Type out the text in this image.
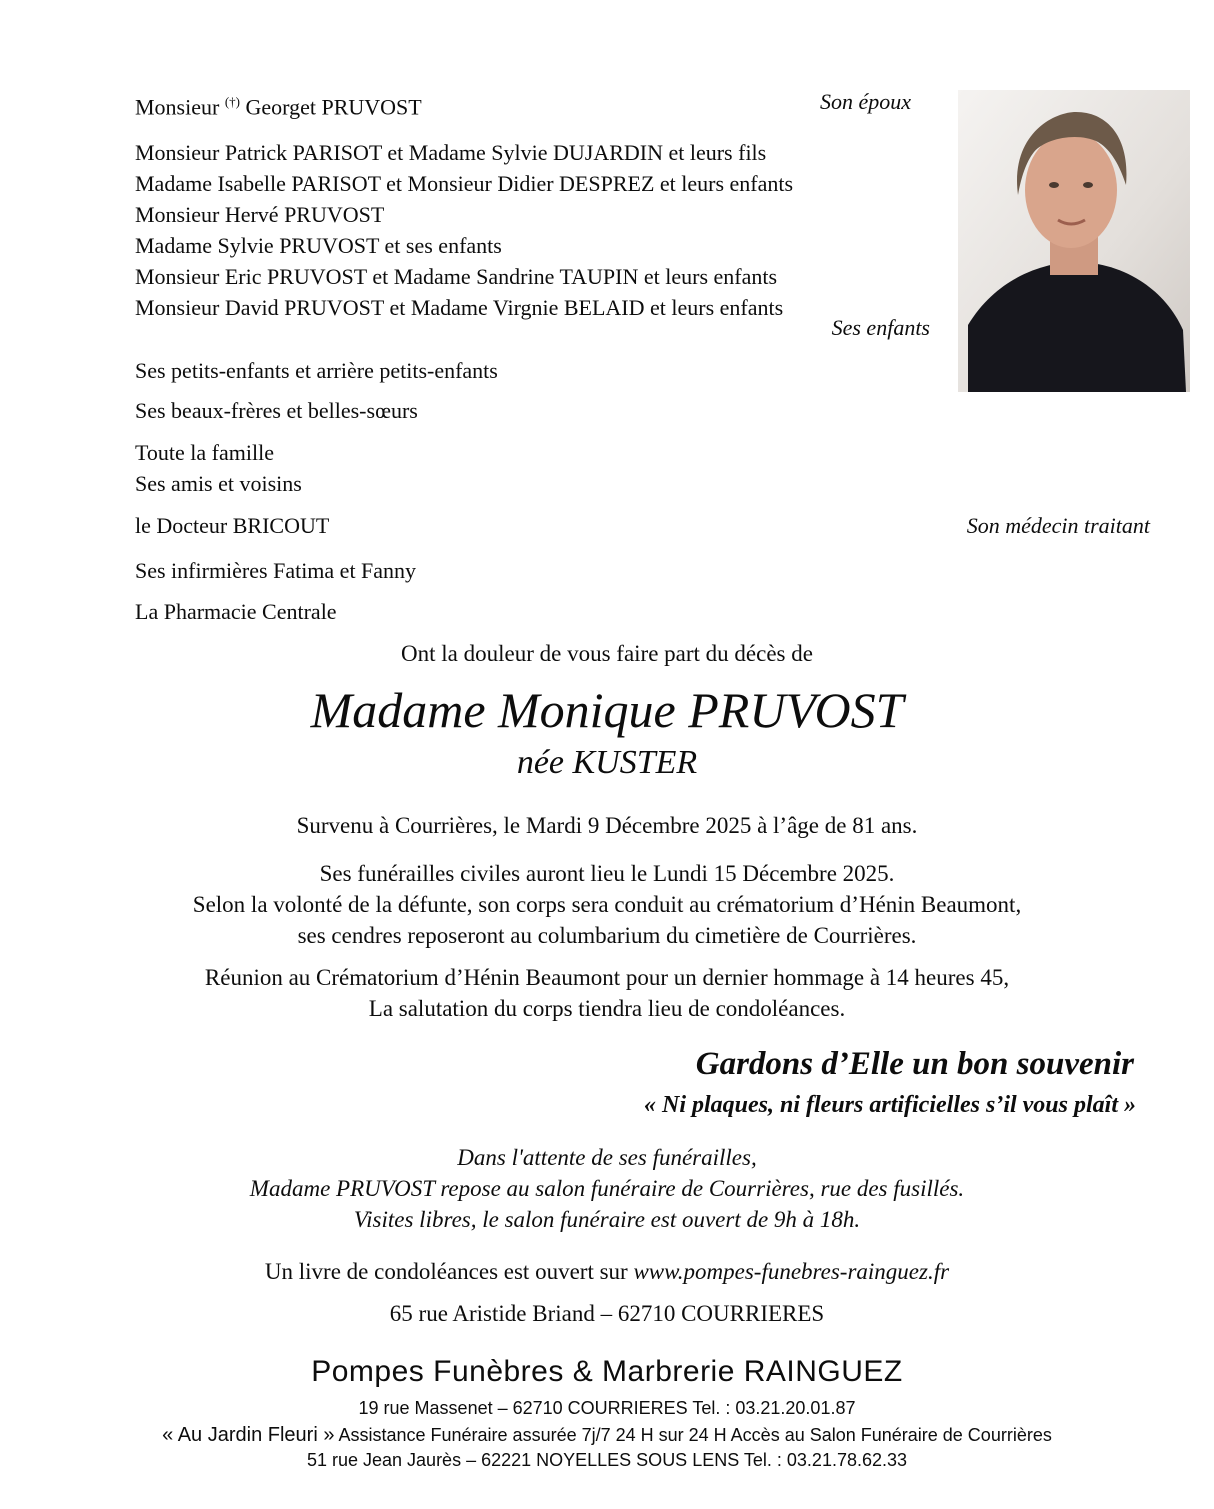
Monsieur (†) Georget PRUVOST	Son époux
Monsieur Patrick PARISOT et Madame Sylvie DUJARDIN et leurs fils
Madame Isabelle PARISOT et Monsieur Didier DESPREZ et leurs enfants
Monsieur Hervé PRUVOST
Madame Sylvie PRUVOST et ses enfants
Monsieur Eric PRUVOST et Madame Sandrine TAUPIN et leurs enfants
Monsieur David PRUVOST et Madame Virgnie BELAID et leurs enfants
Ses enfants
Ses petits-enfants et arrière petits-enfants
Ses beaux-frères et belles-sœurs
Toute la famille
Ses amis et voisins
le Docteur BRICOUT	Son médecin traitant
Ses infirmières Fatima et Fanny
La Pharmacie Centrale
Ont la douleur de vous faire part du décès de
Madame Monique PRUVOST
née KUSTER
Survenu à Courrières, le Mardi 9 Décembre 2025 à l’âge de 81 ans.
Ses funérailles civiles auront lieu le Lundi 15 Décembre 2025.
Selon la volonté de la défunte, son corps sera conduit au crématorium d’Hénin Beaumont,
ses cendres reposeront au columbarium du cimetière de Courrières.
Réunion au Crématorium d’Hénin Beaumont pour un dernier hommage à 14 heures 45,
La salutation du corps tiendra lieu de condoléances.
Gardons d’Elle un bon souvenir
« Ni plaques, ni fleurs artificielles s’il vous plaît »
Dans l'attente de ses funérailles,
Madame PRUVOST repose au salon funéraire de Courrières, rue des fusillés.
Visites libres, le salon funéraire est ouvert de 9h à 18h.
Un livre de condoléances est ouvert sur www.pompes-funebres-rainguez.fr
65 rue Aristide Briand – 62710 COURRIERES
Pompes Funèbres & Marbrerie RAINGUEZ
19 rue Massenet – 62710 COURRIERES Tel. : 03.21.20.01.87
« Au Jardin Fleuri » Assistance Funéraire assurée 7j/7 24 H sur 24 H Accès au Salon Funéraire de Courrières
51 rue Jean Jaurès – 62221 NOYELLES SOUS LENS Tel. : 03.21.78.62.33
